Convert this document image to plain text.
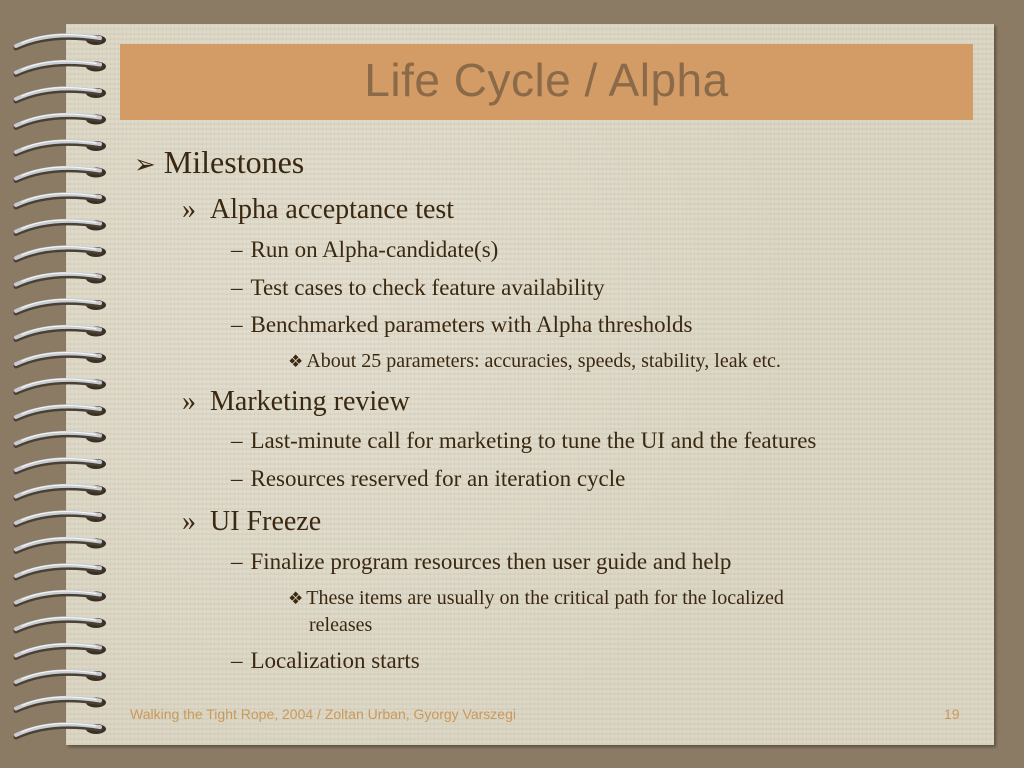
Life Cycle / Alpha
➢ Milestones
» Alpha acceptance test
– Run on Alpha-candidate(s)
– Test cases to check feature availability
– Benchmarked parameters with Alpha thresholds
❖ About 25 parameters: accuracies, speeds, stability, leak etc.
» Marketing review
– Last-minute call for marketing to tune the UI and the features
– Resources reserved for an iteration cycle
» UI Freeze
– Finalize program resources then user guide and help
❖ These items are usually on the critical path for the localized
releases
– Localization starts
Walking the Tight Rope, 2004 / Zoltan Urban, Gyorgy Varszegi	19
